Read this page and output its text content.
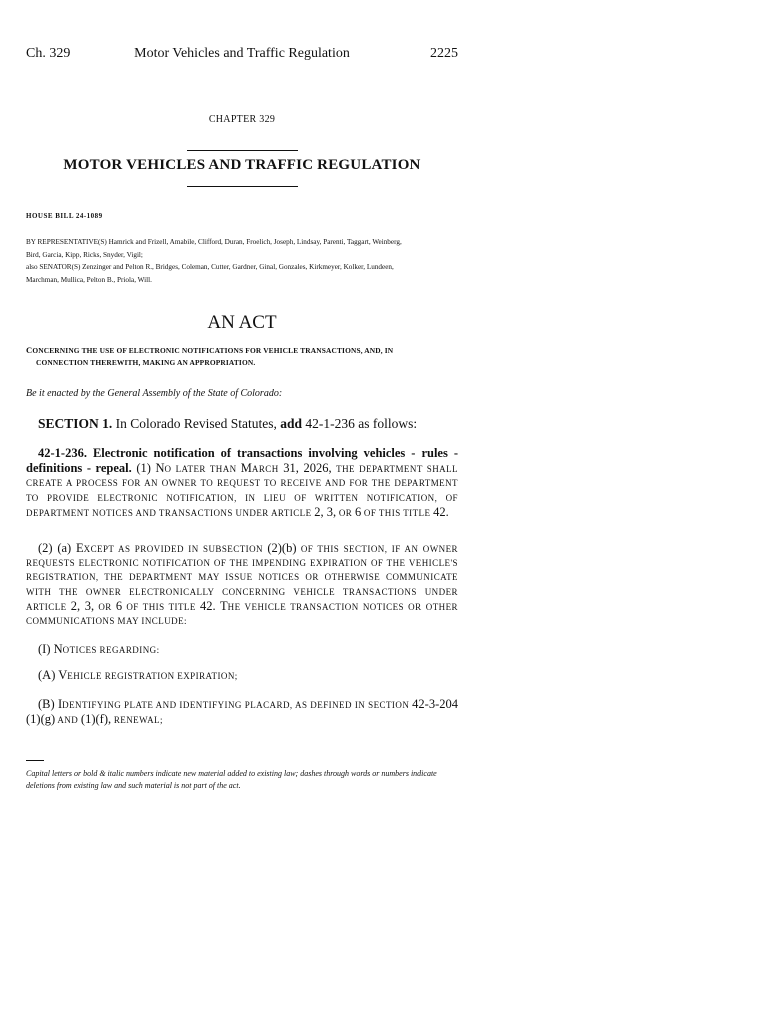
Motor Vehicles and Traffic Regulation
Ch. 329	2225
CHAPTER 329
MOTOR VEHICLES AND TRAFFIC REGULATION
HOUSE BILL 24-1089

BY REPRESENTATIVE(S) Hamrick and Frizell, Amabile, Clifford, Duran, Froelich, Joseph, Lindsay, Parenti, Taggart, Weinberg,

Bird, Garcia, Kipp, Ricks, Snyder, Vigil;

also SENATOR(S) Zenzinger and Pelton R., Bridges, Coleman, Cutter, Gardner, Ginal, Gonzales, Kirkmeyer, Kolker, Lundeen,

Marchman, Mullica, Pelton B., Priola, Will.

AN ACT
CONCERNING THE USE OF ELECTRONIC NOTIFICATIONS FOR VEHICLE TRANSACTIONS, AND, IN
CONNECTION THEREWITH, MAKING AN APPROPRIATION.
Be it enacted by the General Assembly of the State of Colorado:
SECTION 1. In Colorado Revised Statutes, add 42-1-236 as follows:
42-1-236. Electronic notification of transactions involving vehicles - rules - definitions - repeal. (1) NO LATER THAN MARCH 31, 2026, THE DEPARTMENT SHALL CREATE A PROCESS FOR AN OWNER TO REQUEST TO RECEIVE AND FOR THE DEPARTMENT TO PROVIDE ELECTRONIC NOTIFICATION, IN LIEU OF WRITTEN NOTIFICATION, OF DEPARTMENT NOTICES AND TRANSACTIONS UNDER ARTICLE 2, 3, OR 6 OF THIS TITLE 42.
(2) (a) EXCEPT AS PROVIDED IN SUBSECTION (2)(b) OF THIS SECTION, IF AN OWNER REQUESTS ELECTRONIC NOTIFICATION OF THE IMPENDING EXPIRATION OF THE VEHICLE'S REGISTRATION, THE DEPARTMENT MAY ISSUE NOTICES OR OTHERWISE COMMUNICATE WITH THE OWNER ELECTRONICALLY CONCERNING VEHICLE TRANSACTIONS UNDER ARTICLE 2, 3, OR 6 OF THIS TITLE 42. THE VEHICLE TRANSACTION NOTICES OR OTHER COMMUNICATIONS MAY INCLUDE:
(I) NOTICES REGARDING:
(A) VEHICLE REGISTRATION EXPIRATION;
(B) IDENTIFYING PLATE AND IDENTIFYING PLACARD, AS DEFINED IN SECTION 42-3-204 (1)(g) AND (1)(f), RENEWAL;
Capital letters or bold & italic numbers indicate new material added to existing law; dashes through words or numbers indicate deletions from existing law and such material is not part of the act.
